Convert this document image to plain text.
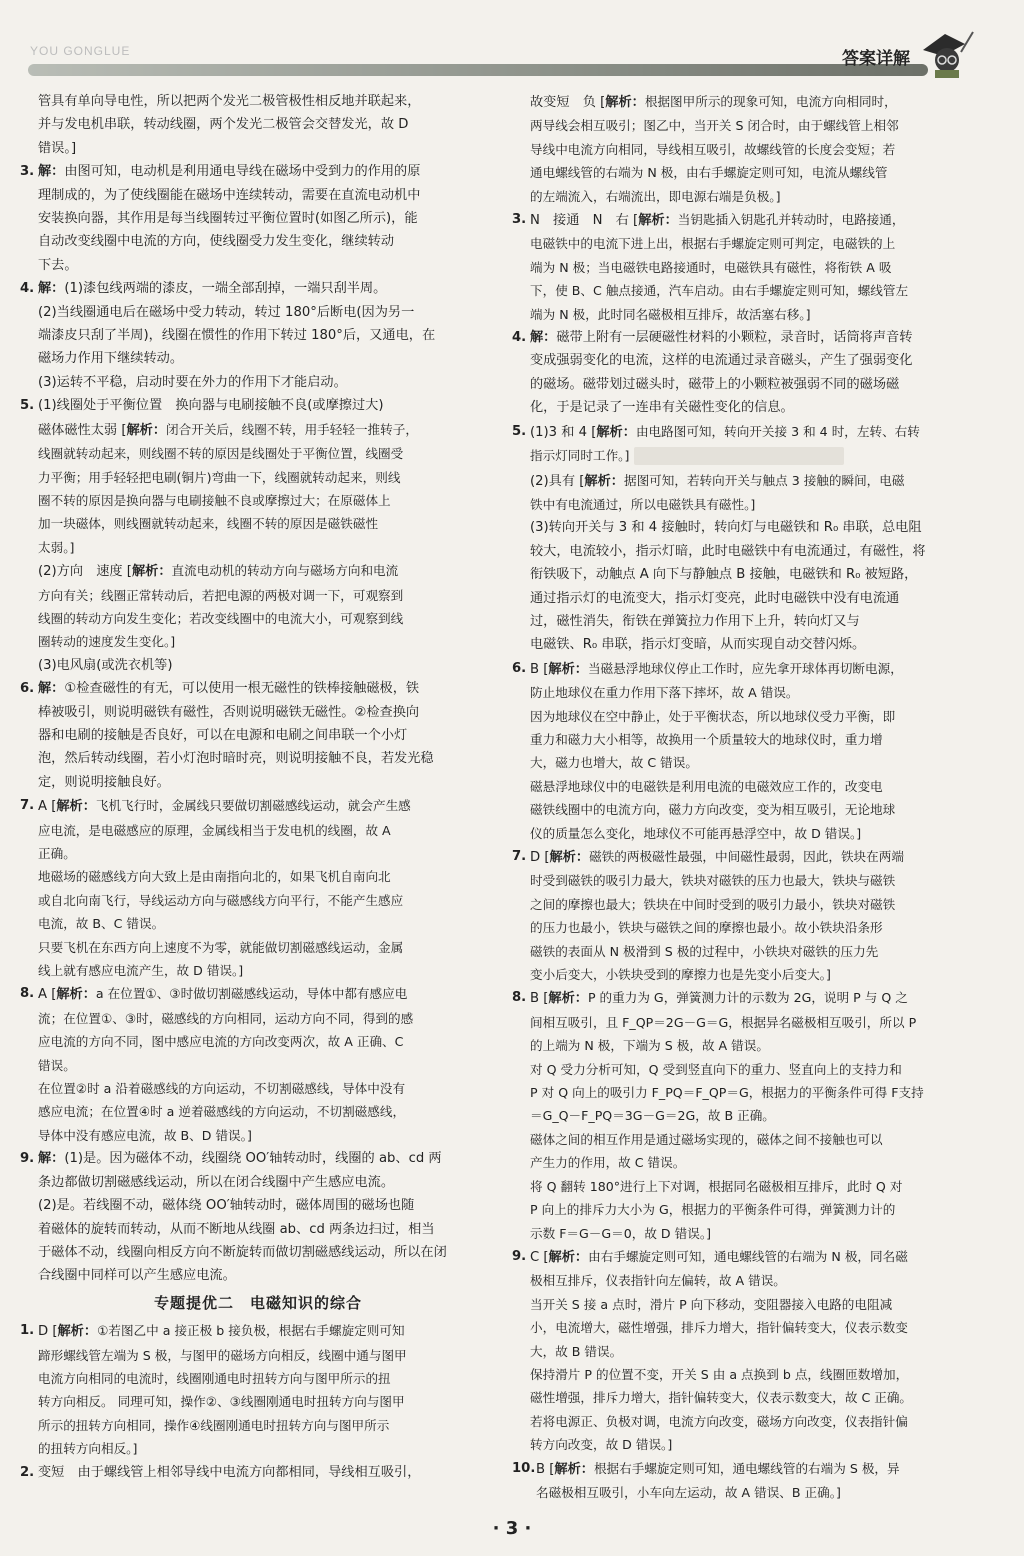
YOU GONGLUE	答案详解
管具有单向导电性，所以把两个发光二极管极性相反地并联起来，
并与发电机串联，转动线圈，两个发光二极管会交替发光，故 D
错误。]
3. 解：由图可知，电动机是利用通电导线在磁场中受到力的作用的原
理制成的，为了使线圈能在磁场中连续转动，需要在直流电动机中
安装换向器，其作用是每当线圈转过平衡位置时(如图乙所示)，能
自动改变线圈中电流的方向，使线圈受力发生变化，继续转动
下去。
4. 解：(1)漆包线两端的漆皮，一端全部刮掉，一端只刮半周。
(2)当线圈通电后在磁场中受力转动，转过 180°后断电(因为另一
端漆皮只刮了半周)，线圈在惯性的作用下转过 180°后，又通电，在
磁场力作用下继续转动。
(3)运转不平稳，启动时要在外力的作用下才能启动。
5. (1)线圈处于平衡位置　换向器与电刷接触不良(或摩擦过大)
磁体磁性太弱 [解析：闭合开关后，线圈不转，用手轻轻一推转子，
线圈就转动起来，则线圈不转的原因是线圈处于平衡位置，线圈受
力平衡；用手轻轻把电刷(铜片)弯曲一下，线圈就转动起来，则线
圈不转的原因是换向器与电刷接触不良或摩擦过大；在原磁体上
加一块磁体，则线圈就转动起来，线圈不转的原因是磁铁磁性
太弱。]
(2)方向　速度 [解析：直流电动机的转动方向与磁场方向和电流
方向有关；线圈正常转动后，若把电源的两极对调一下，可观察到
线圈的转动方向发生变化；若改变线圈中的电流大小，可观察到线
圈转动的速度发生变化。]
(3)电风扇(或洗衣机等)
6. 解：①检查磁性的有无，可以使用一根无磁性的铁棒接触磁极，铁
棒被吸引，则说明磁铁有磁性，否则说明磁铁无磁性。②检查换向
器和电刷的接触是否良好，可以在电源和电刷之间串联一个小灯
泡，然后转动线圈，若小灯泡时暗时亮，则说明接触不良，若发光稳
定，则说明接触良好。
7. A [解析：飞机飞行时，金属线只要做切割磁感线运动，就会产生感
应电流，是电磁感应的原理，金属线相当于发电机的线圈，故 A
正确。
地磁场的磁感线方向大致上是由南指向北的，如果飞机自南向北
或自北向南飞行，导线运动方向与磁感线方向平行，不能产生感应
电流，故 B、C 错误。
只要飞机在东西方向上速度不为零，就能做切割磁感线运动，金属
线上就有感应电流产生，故 D 错误。]
8. A [解析：a 在位置①、③时做切割磁感线运动，导体中都有感应电
流；在位置①、③时，磁感线的方向相同，运动方向不同，得到的感
应电流的方向不同，图中感应电流的方向改变两次，故 A 正确、C
错误。
在位置②时 a 沿着磁感线的方向运动，不切割磁感线，导体中没有
感应电流；在位置④时 a 逆着磁感线的方向运动，不切割磁感线，
导体中没有感应电流，故 B、D 错误。]
9. 解：(1)是。因为磁体不动，线圈绕 OO′轴转动时，线圈的 ab、cd 两
条边都做切割磁感线运动，所以在闭合线圈中产生感应电流。
(2)是。若线圈不动，磁体绕 OO′轴转动时，磁体周围的磁场也随
着磁体的旋转而转动，从而不断地从线圈 ab、cd 两条边扫过，相当
于磁体不动，线圈向相反方向不断旋转而做切割磁感线运动，所以在闭
合线圈中同样可以产生感应电流。
专题提优二　电磁知识的综合
1. D [解析：①若图乙中 a 接正极 b 接负极，根据右手螺旋定则可知
蹄形螺线管左端为 S 极，与图甲的磁场方向相反，线圈中通与图甲
电流方向相同的电流时，线圈刚通电时扭转方向与图甲所示的扭
转方向相反。 同理可知，操作②、③线圈刚通电时扭转方向与图甲
所示的扭转方向相同，操作④线圈刚通电时扭转方向与图甲所示
的扭转方向相反。]
2. 变短　由于螺线管上相邻导线中电流方向都相同，导线相互吸引，
故变短　负 [解析：根据图甲所示的现象可知，电流方向相同时，
两导线会相互吸引；图乙中，当开关 S 闭合时，由于螺线管上相邻
导线中电流方向相同，导线相互吸引，故螺线管的长度会变短；若
通电螺线管的右端为 N 极，由右手螺旋定则可知，电流从螺线管
的左端流入，右端流出，即电源右端是负极。]
3. N　接通　N　右 [解析：当钥匙插入钥匙孔并转动时，电路接通，
电磁铁中的电流下进上出，根据右手螺旋定则可判定，电磁铁的上
端为 N 极；当电磁铁电路接通时，电磁铁具有磁性，将衔铁 A 吸
下，使 B、C 触点接通，汽车启动。由右手螺旋定则可知，螺线管左
端为 N 极，此时同名磁极相互排斥，故活塞右移。]
4. 解：磁带上附有一层硬磁性材料的小颗粒，录音时，话筒将声音转
变成强弱变化的电流，这样的电流通过录音磁头，产生了强弱变化
的磁场。磁带划过磁头时，磁带上的小颗粒被强弱不同的磁场磁
化，于是记录了一连串有关磁性变化的信息。
5. (1)3 和 4 [解析：由电路图可知，转向开关接 3 和 4 时，左转、右转
指示灯同时工作。]
(2)具有 [解析：据图可知，若转向开关与触点 3 接触的瞬间，电磁
铁中有电流通过，所以电磁铁具有磁性。]
(3)转向开关与 3 和 4 接触时，转向灯与电磁铁和 R₀ 串联，总电阻
较大，电流较小，指示灯暗，此时电磁铁中有电流通过，有磁性，将
衔铁吸下，动触点 A 向下与静触点 B 接触，电磁铁和 R₀ 被短路，
通过指示灯的电流变大，指示灯变亮，此时电磁铁中没有电流通
过，磁性消失，衔铁在弹簧拉力作用下上升，转向灯又与
电磁铁、R₀ 串联，指示灯变暗，从而实现自动交替闪烁。
6. B [解析：当磁悬浮地球仪停止工作时，应先拿开球体再切断电源，
防止地球仪在重力作用下落下摔坏，故 A 错误。
因为地球仪在空中静止，处于平衡状态，所以地球仪受力平衡，即
重力和磁力大小相等，故换用一个质量较大的地球仪时，重力增
大，磁力也增大，故 C 错误。
磁悬浮地球仪中的电磁铁是利用电流的电磁效应工作的，改变电
磁铁线圈中的电流方向，磁力方向改变，变为相互吸引，无论地球
仪的质量怎么变化，地球仪不可能再悬浮空中，故 D 错误。]
7. D [解析：磁铁的两极磁性最强，中间磁性最弱，因此，铁块在两端
时受到磁铁的吸引力最大，铁块对磁铁的压力也最大，铁块与磁铁
之间的摩擦也最大；铁块在中间时受到的吸引力最小，铁块对磁铁
的压力也最小，铁块与磁铁之间的摩擦也最小。故小铁块沿条形
磁铁的表面从 N 极滑到 S 极的过程中，小铁块对磁铁的压力先
变小后变大，小铁块受到的摩擦力也是先变小后变大。]
8. B [解析：P 的重力为 G，弹簧测力计的示数为 2G，说明 P 与 Q 之
间相互吸引，且 F_QP＝2G－G＝G，根据异名磁极相互吸引，所以 P
的上端为 N 极，下端为 S 极，故 A 错误。
对 Q 受力分析可知，Q 受到竖直向下的重力、竖直向上的支持力和
P 对 Q 向上的吸引力 F_PQ＝F_QP＝G，根据力的平衡条件可得 F支持
＝G_Q－F_PQ＝3G－G＝2G，故 B 正确。
磁体之间的相互作用是通过磁场实现的，磁体之间不接触也可以
产生力的作用，故 C 错误。
将 Q 翻转 180°进行上下对调，根据同名磁极相互排斥，此时 Q 对
P 向上的排斥力大小为 G，根据力的平衡条件可得，弹簧测力计的
示数 F＝G－G＝0，故 D 错误。]
9. C [解析：由右手螺旋定则可知，通电螺线管的右端为 N 极，同名磁
极相互排斥，仪表指针向左偏转，故 A 错误。
当开关 S 接 a 点时，滑片 P 向下移动，变阻器接入电路的电阻减
小，电流增大，磁性增强，排斥力增大，指针偏转变大，仪表示数变
大，故 B 错误。
保持滑片 P 的位置不变，开关 S 由 a 点换到 b 点，线圈匝数增加，
磁性增强，排斥力增大，指针偏转变大，仪表示数变大，故 C 正确。
若将电源正、负极对调，电流方向改变，磁场方向改变，仪表指针偏
转方向改变，故 D 错误。]
10. B [解析：根据右手螺旋定则可知，通电螺线管的右端为 S 极，异
名磁极相互吸引，小车向左运动，故 A 错误、B 正确。]
· 3 ·
